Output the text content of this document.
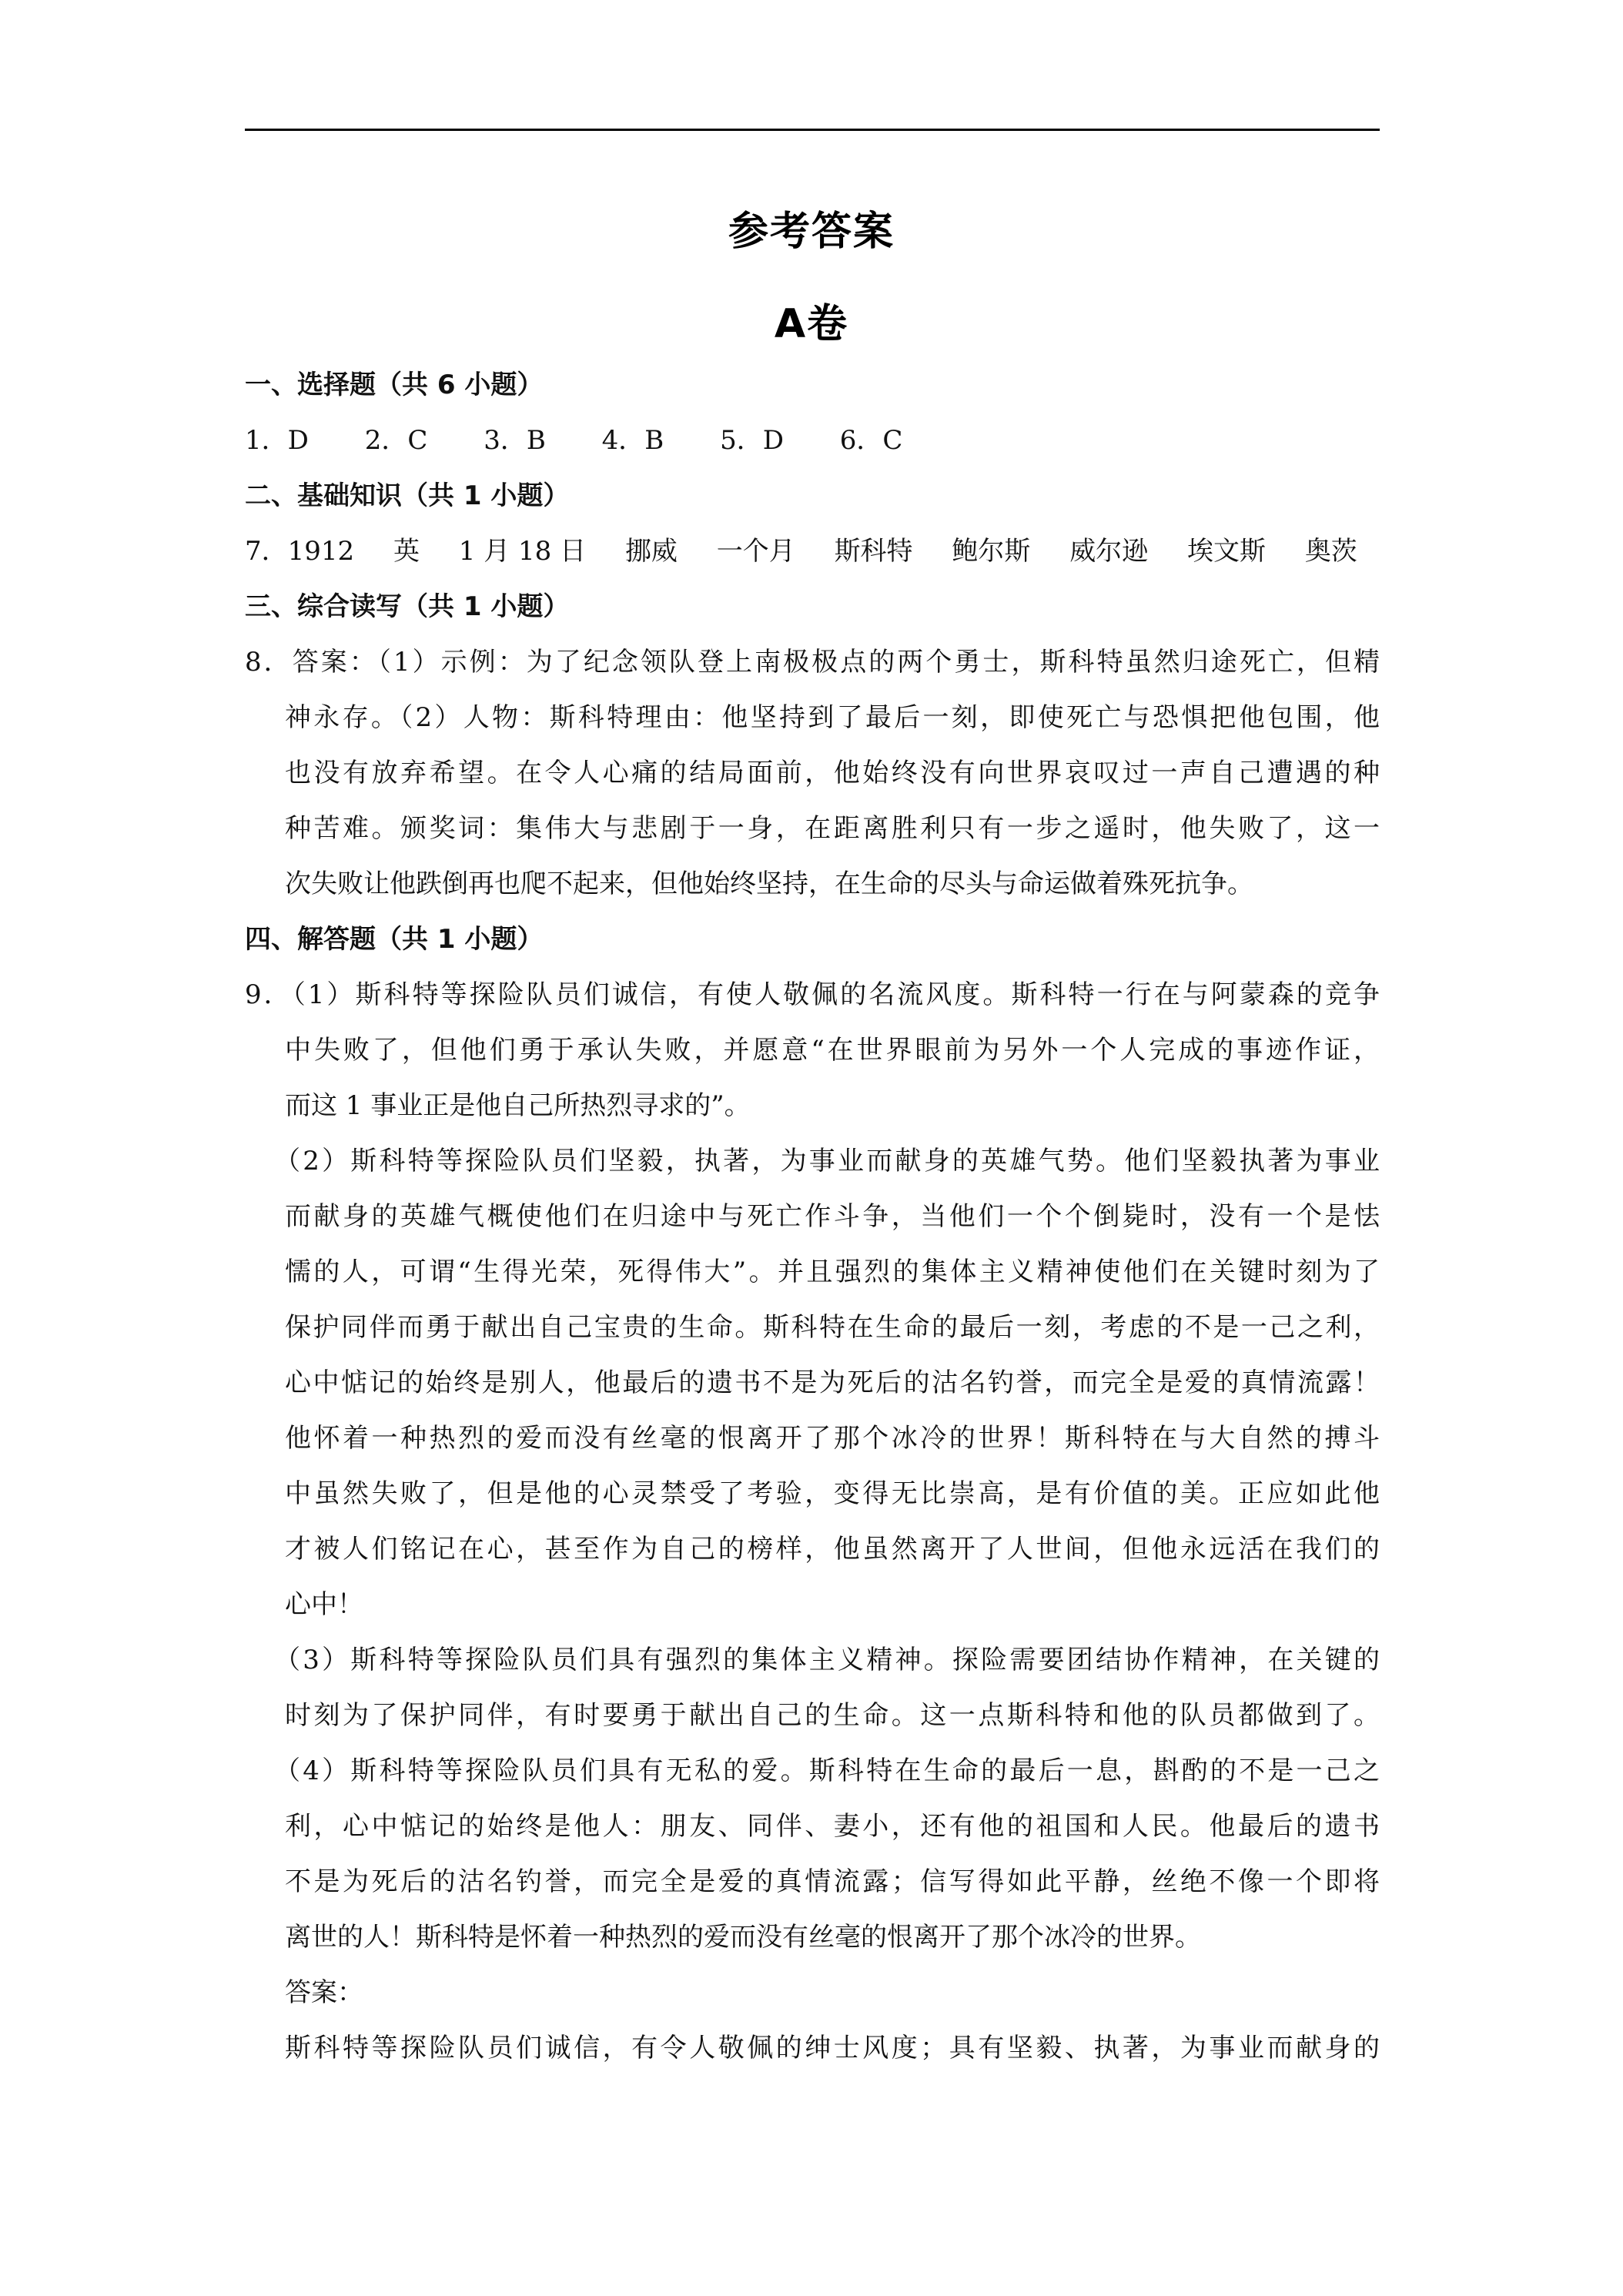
参考答案
A卷
一、选择题（共 6 小题）
1．D 2．C 3．B 4．B 5．D 6．C
二、基础知识（共 1 小题）
7．1912 英 1 月 18 日 挪威 一个月 斯科特 鲍尔斯 威尔逊 埃文斯 奥茨
三、综合读写（共 1 小题）
8．答案：（1）示例：为了纪念领队登上南极极点的两个勇士，斯科特虽然归途死亡，但精
神永存。（2）人物：斯科特理由：他坚持到了最后一刻，即使死亡与恐惧把他包围，他
也没有放弃希望。在令人心痛的结局面前，他始终没有向世界哀叹过一声自己遭遇的种
种苦难。颁奖词：集伟大与悲剧于一身，在距离胜利只有一步之遥时，他失败了，这一
次失败让他跌倒再也爬不起来，但他始终坚持，在生命的尽头与命运做着殊死抗争。
四、解答题（共 1 小题）
9．（1）斯科特等探险队员们诚信，有使人敬佩的名流风度。斯科特一行在与阿蒙森的竞争
中失败了，但他们勇于承认失败，并愿意“在世界眼前为另外一个人完成的事迹作证，
而这 1 事业正是他自己所热烈寻求的”。
（2）斯科特等探险队员们坚毅，执著，为事业而献身的英雄气势。他们坚毅执著为事业
而献身的英雄气概使他们在归途中与死亡作斗争，当他们一个个倒毙时，没有一个是怯
懦的人，可谓“生得光荣，死得伟大”。并且强烈的集体主义精神使他们在关键时刻为了
保护同伴而勇于献出自己宝贵的生命。斯科特在生命的最后一刻，考虑的不是一己之利，
心中惦记的始终是别人，他最后的遗书不是为死后的沽名钓誉，而完全是爱的真情流露！
他怀着一种热烈的爱而没有丝毫的恨离开了那个冰冷的世界！斯科特在与大自然的搏斗
中虽然失败了，但是他的心灵禁受了考验，变得无比崇高，是有价值的美。正应如此他
才被人们铭记在心，甚至作为自己的榜样，他虽然离开了人世间，但他永远活在我们的
心中！
（3）斯科特等探险队员们具有强烈的集体主义精神。探险需要团结协作精神，在关键的
时刻为了保护同伴，有时要勇于献出自己的生命。这一点斯科特和他的队员都做到了。
（4）斯科特等探险队员们具有无私的爱。斯科特在生命的最后一息，斟酌的不是一己之
利，心中惦记的始终是他人：朋友、同伴、妻小，还有他的祖国和人民。他最后的遗书
不是为死后的沽名钓誉，而完全是爱的真情流露；信写得如此平静，丝绝不像一个即将
离世的人！斯科特是怀着一种热烈的爱而没有丝毫的恨离开了那个冰冷的世界。
答案：
斯科特等探险队员们诚信，有令人敬佩的绅士风度；具有坚毅、执著，为事业而献身的
